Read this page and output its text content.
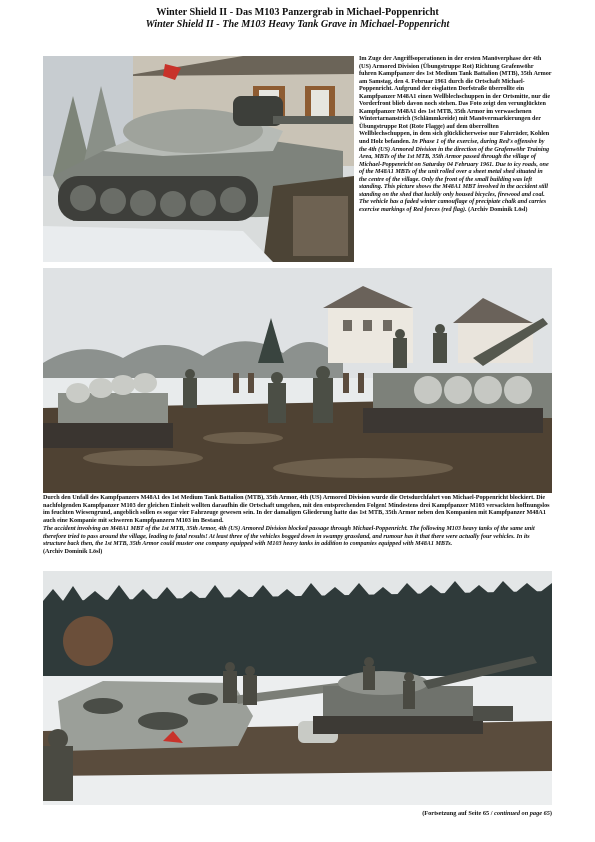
Winter Shield II - Das M103 Panzergrab in Michael-Poppenricht
Winter Shield II - The M103 Heavy Tank Grave in Michael-Poppenricht
Im Zuge der Angriffsoperationen in der ersten Manöverphase der 4th (US) Armored Division (Übungstruppe Rot) Richtung Grafenwöhr fuhren Kampfpanzer des 1st Medium Tank Battalion (MTB), 35th Armor am Samstag, den 4. Februar 1961 durch die Ortschaft Michael-Poppenricht. Aufgrund der eisglatten Dorfstraße überrollte ein Kampfpanzer M48A1 einen Wellblechschuppen in der Ortsmitte, nur die Vorderfront blieb davon noch stehen. Das Foto zeigt den verunglückten Kampfpanzer M48A1 des 1st MTB, 35th Armor im verwaschenen Wintertarnanstrich (Schlämmkreide) mit Manövermarkierungen der Übungstruppe Rot (Rote Flagge) auf dem überrollten Wellblechschuppen, in dem sich glücklicherweise nur Fahrräder, Kohlen und Holz befanden. In Phase 1 of the exercise, during Red's offensive by the 4th (US) Armored Division in the direction of the Grafenwöhr Training Area, MBTs of the 1st MTB, 35th Armor passed through the village of Michael-Poppenricht on Saturday 04 February 1961. Due to icy roads, one of the M48A1 MBTs of the unit rolled over a sheet metal shed situated in the centre of the village. Only the front of the small building was left standing. This picture shows the M48A1 MBT involved in the accident still standing on the shed that luckily only housed bicycles, firewood and coal. The vehicle has a faded winter camouflage of precipiate chalk and carries exercise markings of Red forces (red flag). (Archiv Dominik Lösl)
Durch den Unfall des Kampfpanzers M48A1 des 1st Medium Tank Battalion (MTB), 35th Armor, 4th (US) Armored Division wurde die Ortsdurchfahrt von Michael-Poppenricht blockiert. Die nachfolgenden Kampfpanzer M103 der gleichen Einheit wollten daraufhin die Ortschaft umgehen, mit den entsprechenden Folgen! Mindestens drei Kampfpanzer M103 versackten hoffnungslos im feuchten Wiesengrund, angeblich sollen es sogar vier Fahrzeuge gewesen sein. In der damaligen Gliederung hatte das 1st MTB, 35th Armor neben den Kompanien mit Kampfpanzer M48A1 auch eine Kompanie mit schweren Kampfpanzern M103 im Bestand.
The accident involving an M48A1 MBT of the 1st MTB, 35th Armor, 4th (US) Armored Division blocked passage through Michael-Poppenricht. The following M103 heavy tanks of the same unit therefore tried to pass around the village, leading to fatal results! At least three of the vehicles bogged down in swampy grassland, and rumour has it that there were actually four vehicles. In its structure back then, the 1st MTB, 35th Armor could muster one company equipped with M103 heavy tanks in addition to companies equipped with M48A1 MBTs.
(Archiv Dominik Lösl)
(Fortsetzung auf Seite 65 / continued on page 65)
